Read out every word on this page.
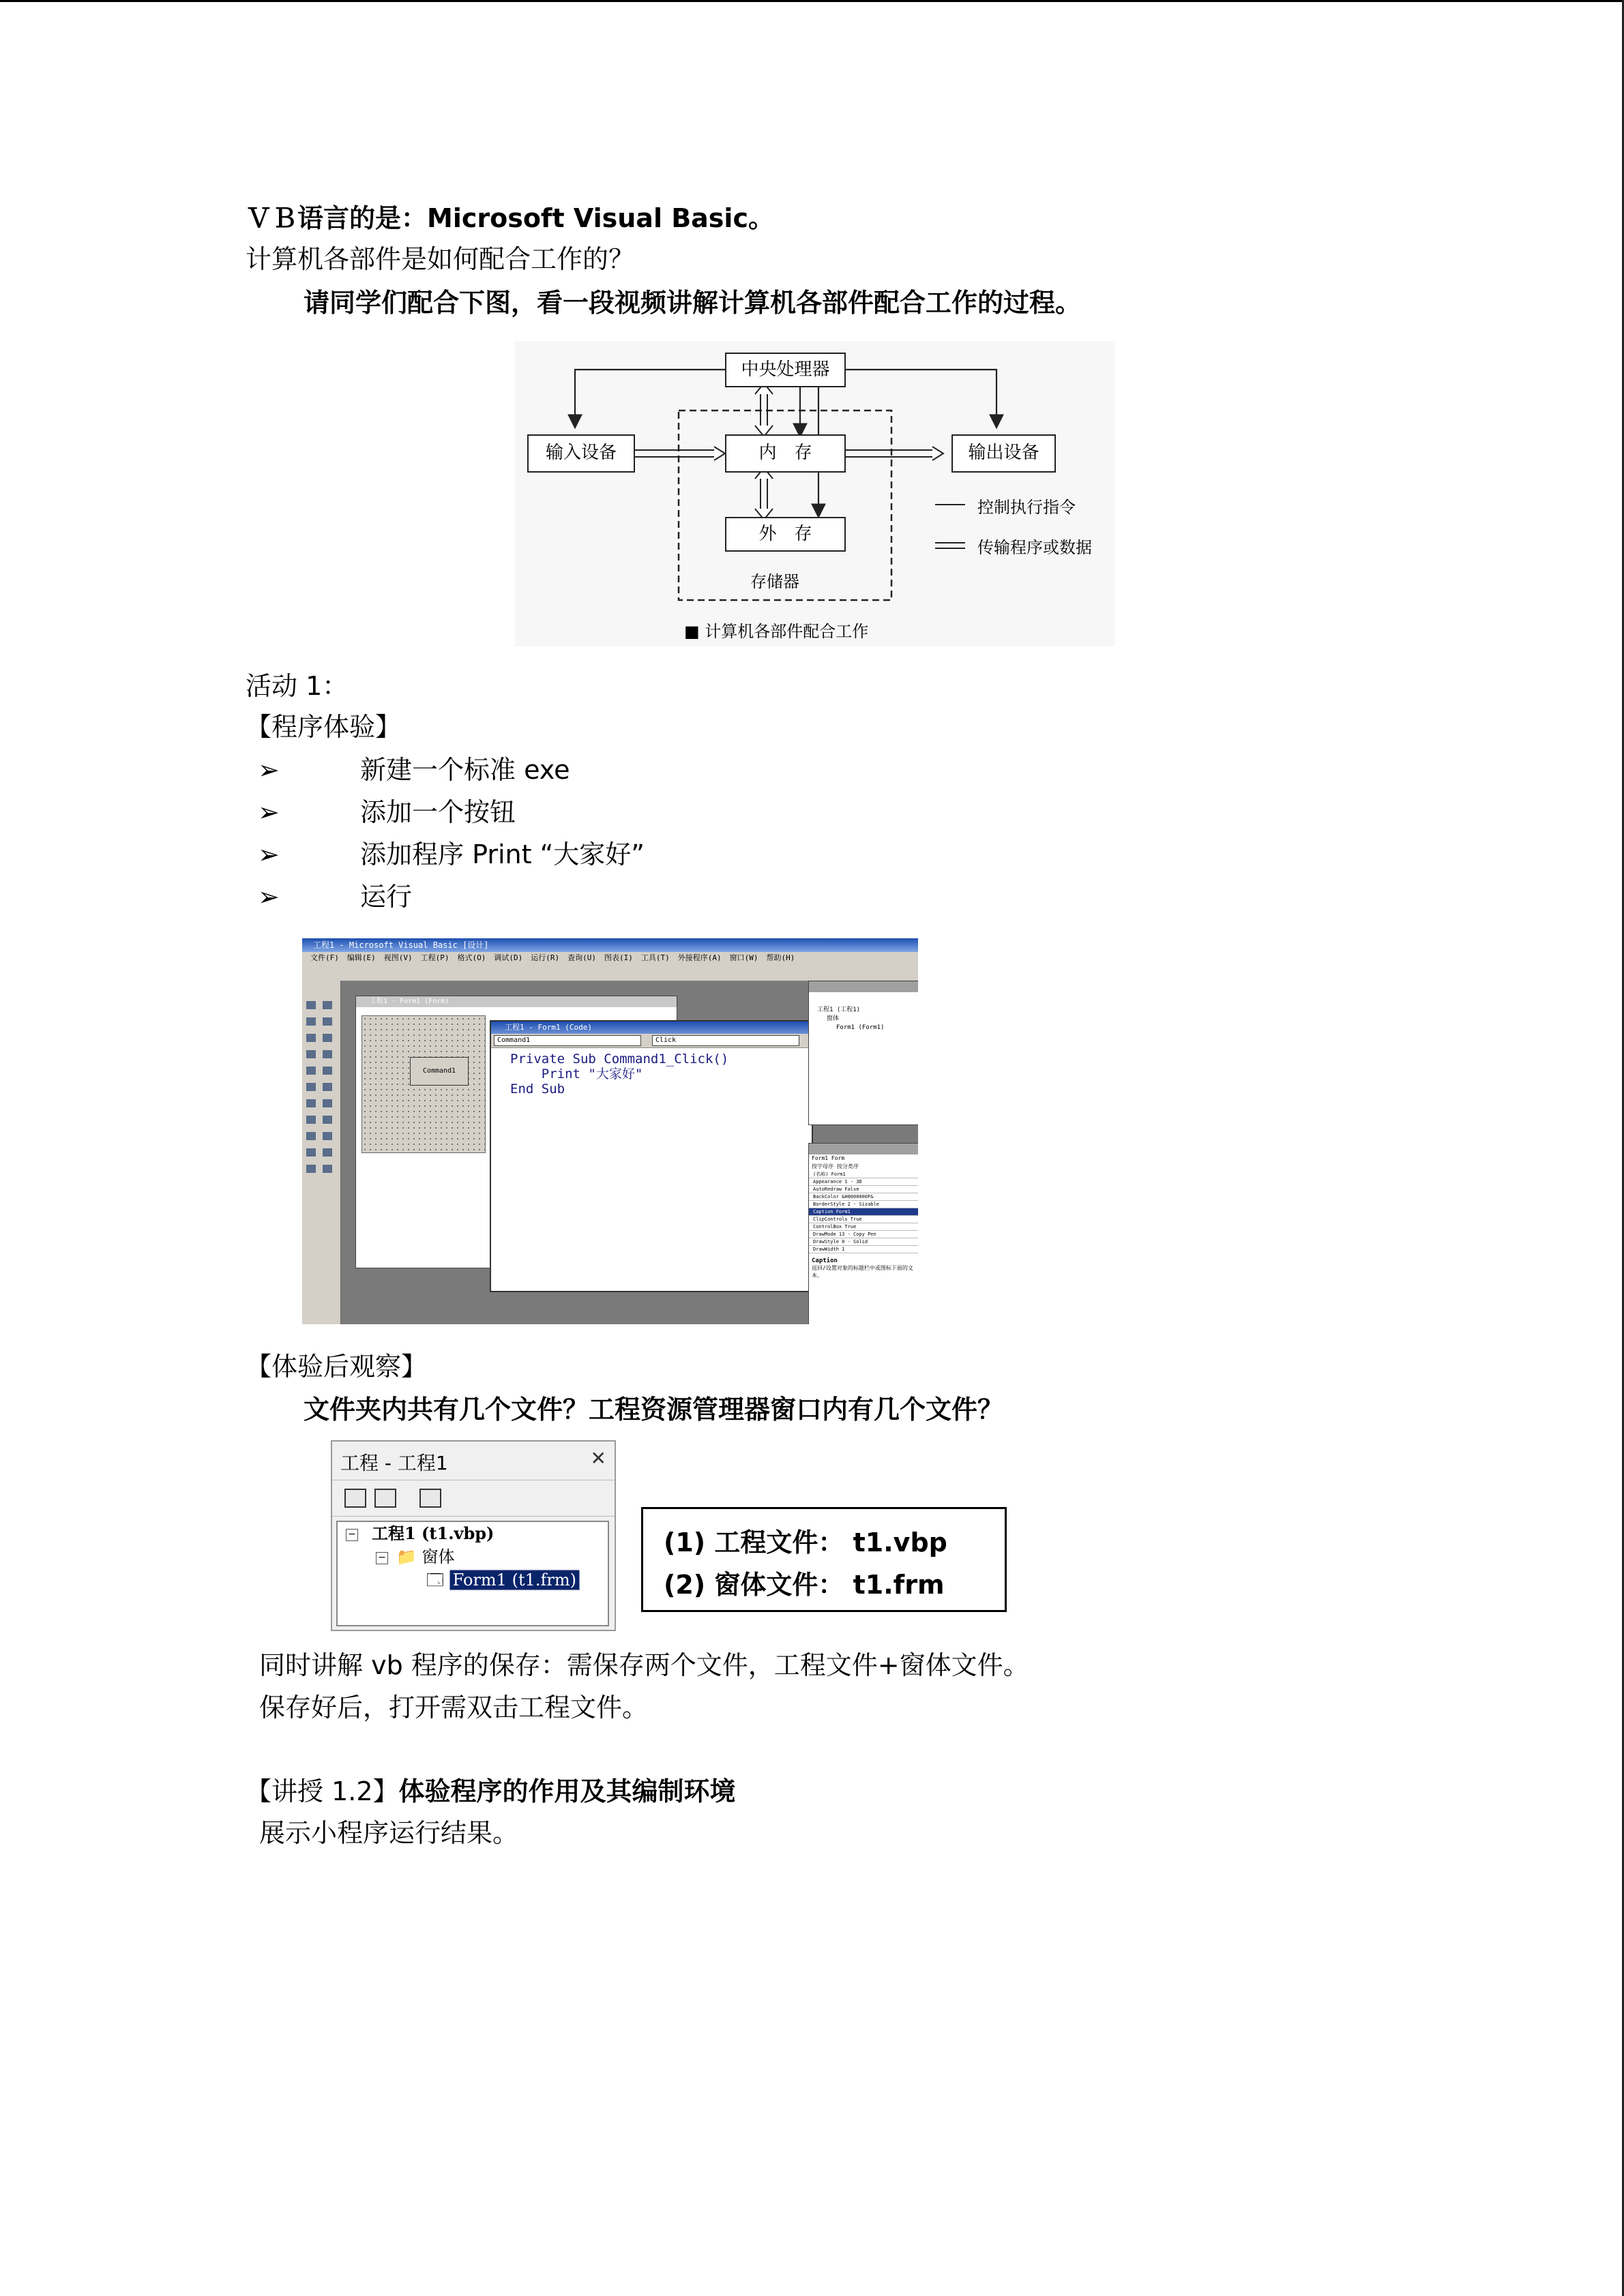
ＶＢ语言的是：Microsoft Visual Basic。
计算机各部件是如何配合工作的？
请同学们配合下图，看一段视频讲解计算机各部件配合工作的过程。
中央处理器
输入设备	内　存	输出设备
外　存
存储器
控制执行指令
传输程序或数据
■ 计算机各部件配合工作
活动 1：
【程序体验】
➢	新建一个标准 exe
➢	添加一个按钮
➢	添加程序 Print “大家好”
➢	运行
工程1 - Microsoft Visual Basic [设计]
文件(F) 编辑(E) 视图(V) 工程(P) 格式(O) 调试(D) 运行(R) 查询(U) 图表(I) 工具(T) 外接程序(A) 窗口(W) 帮助(H)
工程1 - Form1 (Form)
Command1
工程1 - Form1 (Code)
Command1	Click
Private Sub Command1_Click()
Print "大家好"
End Sub
工程1 (工程1)
窗体
Form1 (Form1)
Form1 Form
按字母序 按分类序
(名称) Form1
Appearance 1 - 3D
AutoRedraw False
BackColor &H8000000F&
BorderStyle 2 - Sizable
Caption Form1
ClipControls True
ControlBox True
DrawMode 13 - Copy Pen
DrawStyle 0 - Solid
DrawWidth 1
Caption
返回/设置对象的标题栏中或图标下面的文本。
【体验后观察】
文件夹内共有几个文件？工程资源管理器窗口内有几个文件？
工程 - 工程1	✕
− 工程1 (t1.vbp)
− 📁 窗体
🗔 Form1 (t1.frm)
(1) 工程文件： t1.vbp
(2) 窗体文件： t1.frm
同时讲解 vb 程序的保存：需保存两个文件，工程文件+窗体文件。
保存好后，打开需双击工程文件。
【讲授 1.2】体验程序的作用及其编制环境
展示小程序运行结果。
